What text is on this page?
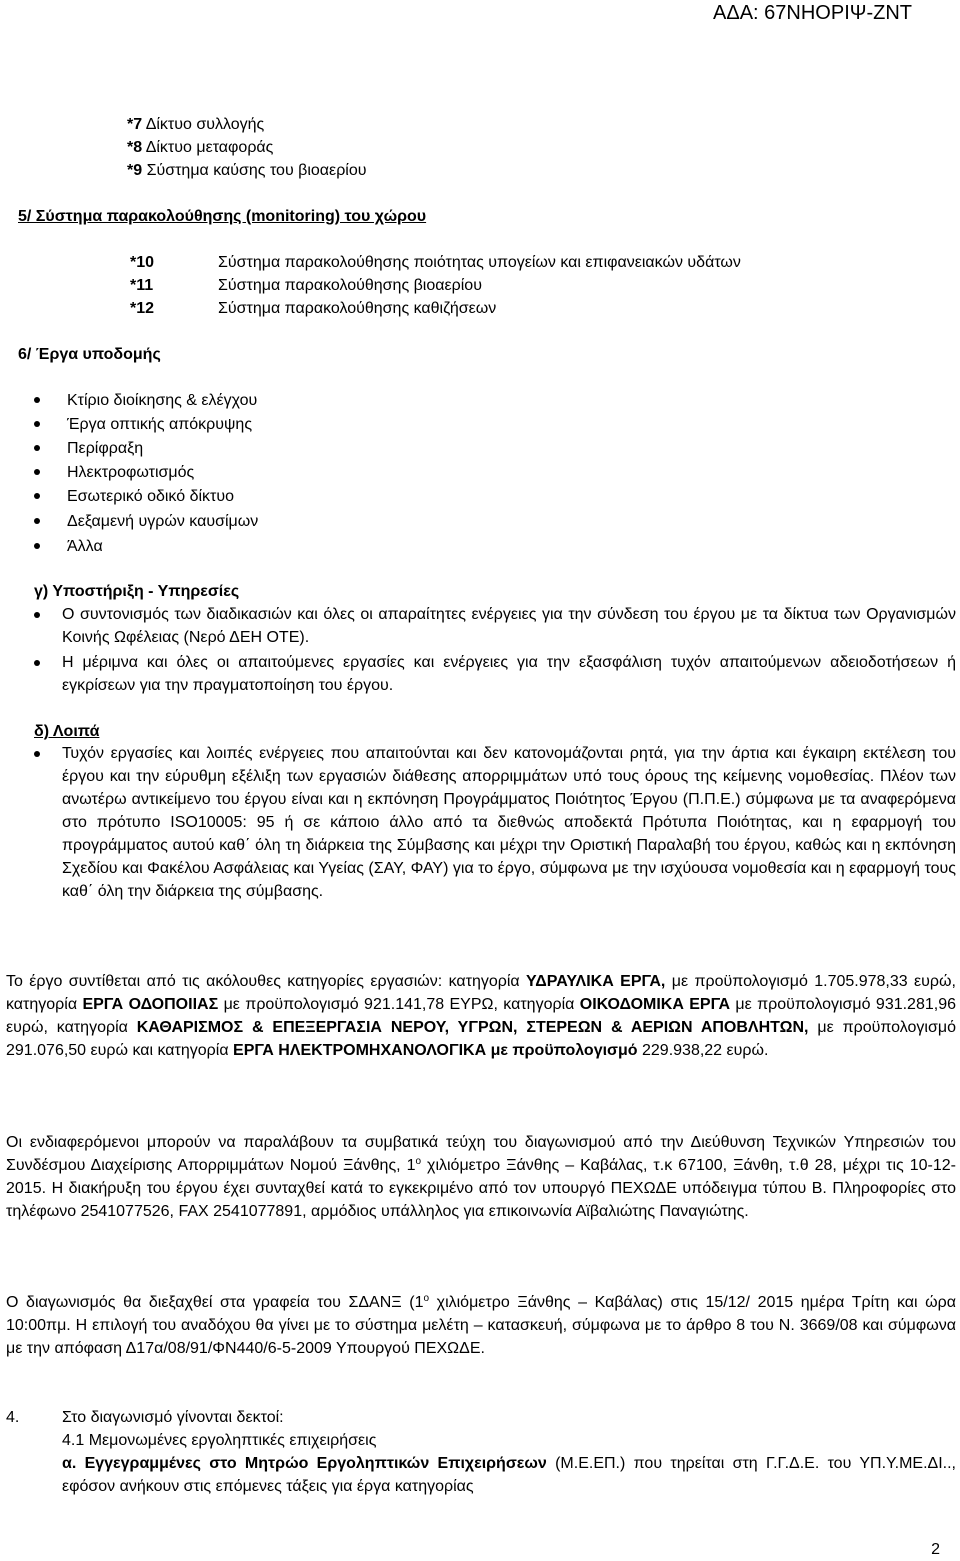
ΑΔΑ: 67ΝΗΟΡΙΨ-ΖΝΤ
*7 Δίκτυο συλλογής
*8 Δίκτυο μεταφοράς
*9 Σύστημα καύσης του βιοαερίου
5/ Σύστημα παρακολούθησης (monitoring) του χώρου
*10	Σύστημα παρακολούθησης ποιότητας υπογείων και επιφανειακών υδάτων
*11	Σύστημα παρακολούθησης βιοαερίου
*12	Σύστημα παρακολούθησης καθιζήσεων
6/ Έργα υποδομής
Κτίριο διοίκησης & ελέγχου
Έργα οπτικής απόκρυψης
Περίφραξη
Ηλεκτροφωτισμός
Εσωτερικό οδικό δίκτυο
Δεξαμενή υγρών καυσίμων
Άλλα
γ) Υποστήριξη - Υπηρεσίες
Ο συντονισμός των διαδικασιών και όλες οι απαραίτητες ενέργειες για την σύνδεση του έργου με τα δίκτυα των Οργανισμών Κοινής Ωφέλειας (Νερό ΔΕΗ ΟΤΕ).
Η μέριμνα και όλες οι απαιτούμενες εργασίες και ενέργειες για την εξασφάλιση τυχόν απαιτούμενων αδειοδοτήσεων ή εγκρίσεων για την πραγματοποίηση του έργου.
δ) Λοιπά
Τυχόν εργασίες και λοιπές ενέργειες που απαιτούνται και δεν κατονομάζονται ρητά, για την άρτια και έγκαιρη εκτέλεση του έργου και την εύρυθμη εξέλιξη των εργασιών διάθεσης απορριμμάτων υπό τους όρους της κείμενης νομοθεσίας. Πλέον των ανωτέρω αντικείμενο του έργου είναι και η εκπόνηση Προγράμματος Ποιότητος Έργου (Π.Π.Ε.) σύμφωνα με τα αναφερόμενα στο πρότυπο ISO10005: 95 ή σε κάποιο άλλο από τα διεθνώς αποδεκτά Πρότυπα Ποιότητας, και η εφαρμογή του προγράμματος αυτού καθ΄ όλη τη διάρκεια της Σύμβασης και μέχρι την Οριστική Παραλαβή του έργου, καθώς και η εκπόνηση Σχεδίου και Φακέλου Ασφάλειας και Υγείας (ΣΑΥ, ΦΑΥ) για το έργο, σύμφωνα με την ισχύουσα νομοθεσία και η εφαρμογή τους καθ΄ όλη την διάρκεια της σύμβασης.
Το έργο συντίθεται από τις ακόλουθες κατηγορίες εργασιών: κατηγορία ΥΔΡΑΥΛΙΚΑ ΕΡΓΑ, με προϋπολογισμό 1.705.978,33 ευρώ, κατηγορία ΕΡΓΑ ΟΔΟΠΟΙΙΑΣ με προϋπολογισμό 921.141,78 ΕΥΡΩ, κατηγορία ΟΙΚΟΔΟΜΙΚΑ ΕΡΓΑ με προϋπολογισμό 931.281,96 ευρώ, κατηγορία ΚΑΘΑΡΙΣΜΟΣ & ΕΠΕΞΕΡΓΑΣΙΑ ΝΕΡΟΥ, ΥΓΡΩΝ, ΣΤΕΡΕΩΝ & ΑΕΡΙΩΝ ΑΠΟΒΛΗΤΩΝ, με προϋπολογισμό 291.076,50 ευρώ και κατηγορία ΕΡΓΑ ΗΛΕΚΤΡΟΜΗΧΑΝΟΛΟΓΙΚΑ με προϋπολογισμό 229.938,22 ευρώ.
Οι ενδιαφερόμενοι μπορούν να παραλάβουν τα συμβατικά τεύχη του διαγωνισμού από την Διεύθυνση Τεχνικών Υπηρεσιών του Συνδέσμου Διαχείρισης Απορριμμάτων Νομού Ξάνθης, $1^o$ χιλιόμετρο Ξάνθης – Καβάλας, τ.κ 67100, Ξάνθη, τ.θ 28, μέχρι τις 10-12-2015. Η διακήρυξη του έργου έχει συνταχθεί κατά το εγκεκριμένο από τον υπουργό ΠΕΧΩΔΕ υπόδειγμα τύπου Β. Πληροφορίες στο τηλέφωνο 2541077526, FAX 2541077891, αρμόδιος υπάλληλος για επικοινωνία Αϊβαλιώτης Παναγιώτης.
Ο διαγωνισμός θα διεξαχθεί στα γραφεία του ΣΔΑΝΞ ($1^o$ χιλιόμετρο Ξάνθης – Καβάλας) στις 15/12/ 2015 ημέρα Τρίτη και ώρα 10:00πμ. Η επιλογή του αναδόχου θα γίνει με το σύστημα μελέτη – κατασκευή, σύμφωνα με το άρθρο 8 του Ν. 3669/08 και σύμφωνα με την απόφαση Δ17α/08/91/ΦΝ440/6-5-2009 Υπουργού ΠΕΧΩΔΕ.
4.	Στο διαγωνισμό γίνονται δεκτοί:
4.1 Μεμονωμένες εργοληπτικές επιχειρήσεις
α. Εγγεγραμμένες στο Μητρώο Εργοληπτικών Επιχειρήσεων (Μ.Ε.ΕΠ.) που τηρείται στη Γ.Γ.Δ.Ε. του ΥΠ.Υ.ΜΕ.ΔΙ.., εφόσον ανήκουν στις επόμενες τάξεις για έργα κατηγορίας
2
